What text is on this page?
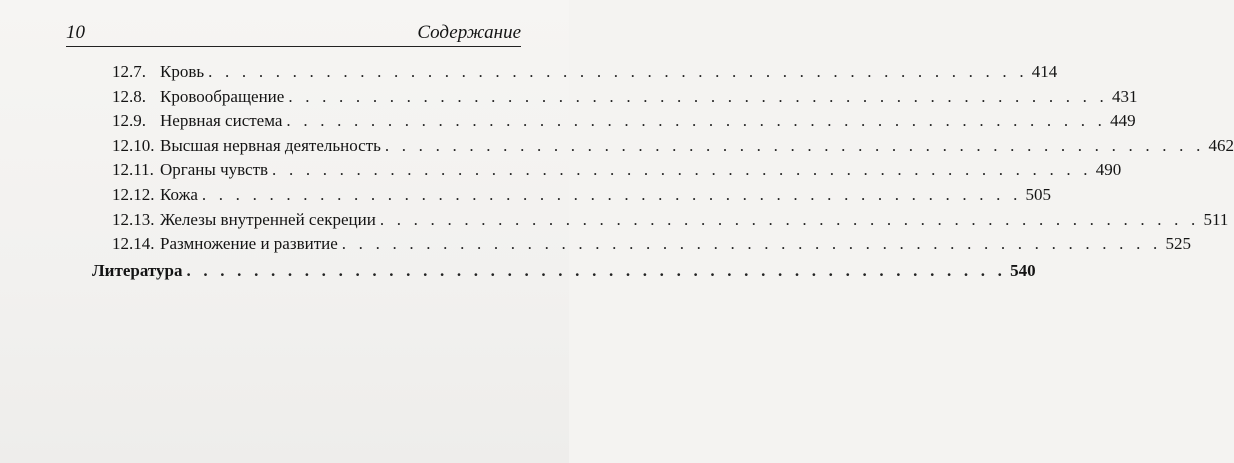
10	Содержание
12.7. Кровь . . . . . . . . . . . . . . . . . . . . . . . . . . . . . . . . . . . . . . . . . . . . . . . . . 414
12.8. Кровообращение . . . . . . . . . . . . . . . . . . . . . . . . . . . . . . . . . . . . . . . . . . . . . . . . . 431
12.9. Нервная система . . . . . . . . . . . . . . . . . . . . . . . . . . . . . . . . . . . . . . . . . . . . . . . . . 449
12.10. Высшая нервная деятельность . . . . . . . . . . . . . . . . . . . . . . . . . . . . . . . . . . . . . . . . . . . . . . . . . 462
12.11. Органы чувств . . . . . . . . . . . . . . . . . . . . . . . . . . . . . . . . . . . . . . . . . . . . . . . . . 490
12.12. Кожа . . . . . . . . . . . . . . . . . . . . . . . . . . . . . . . . . . . . . . . . . . . . . . . . . 505
12.13. Железы внутренней секреции . . . . . . . . . . . . . . . . . . . . . . . . . . . . . . . . . . . . . . . . . . . . . . . . . 511
12.14. Размножение и развитие . . . . . . . . . . . . . . . . . . . . . . . . . . . . . . . . . . . . . . . . . . . . . . . . . 525
Литература . . . . . . . . . . . . . . . . . . . . . . . . . . . . . . . . . . . . . . . . . . . . . . . . . 540
